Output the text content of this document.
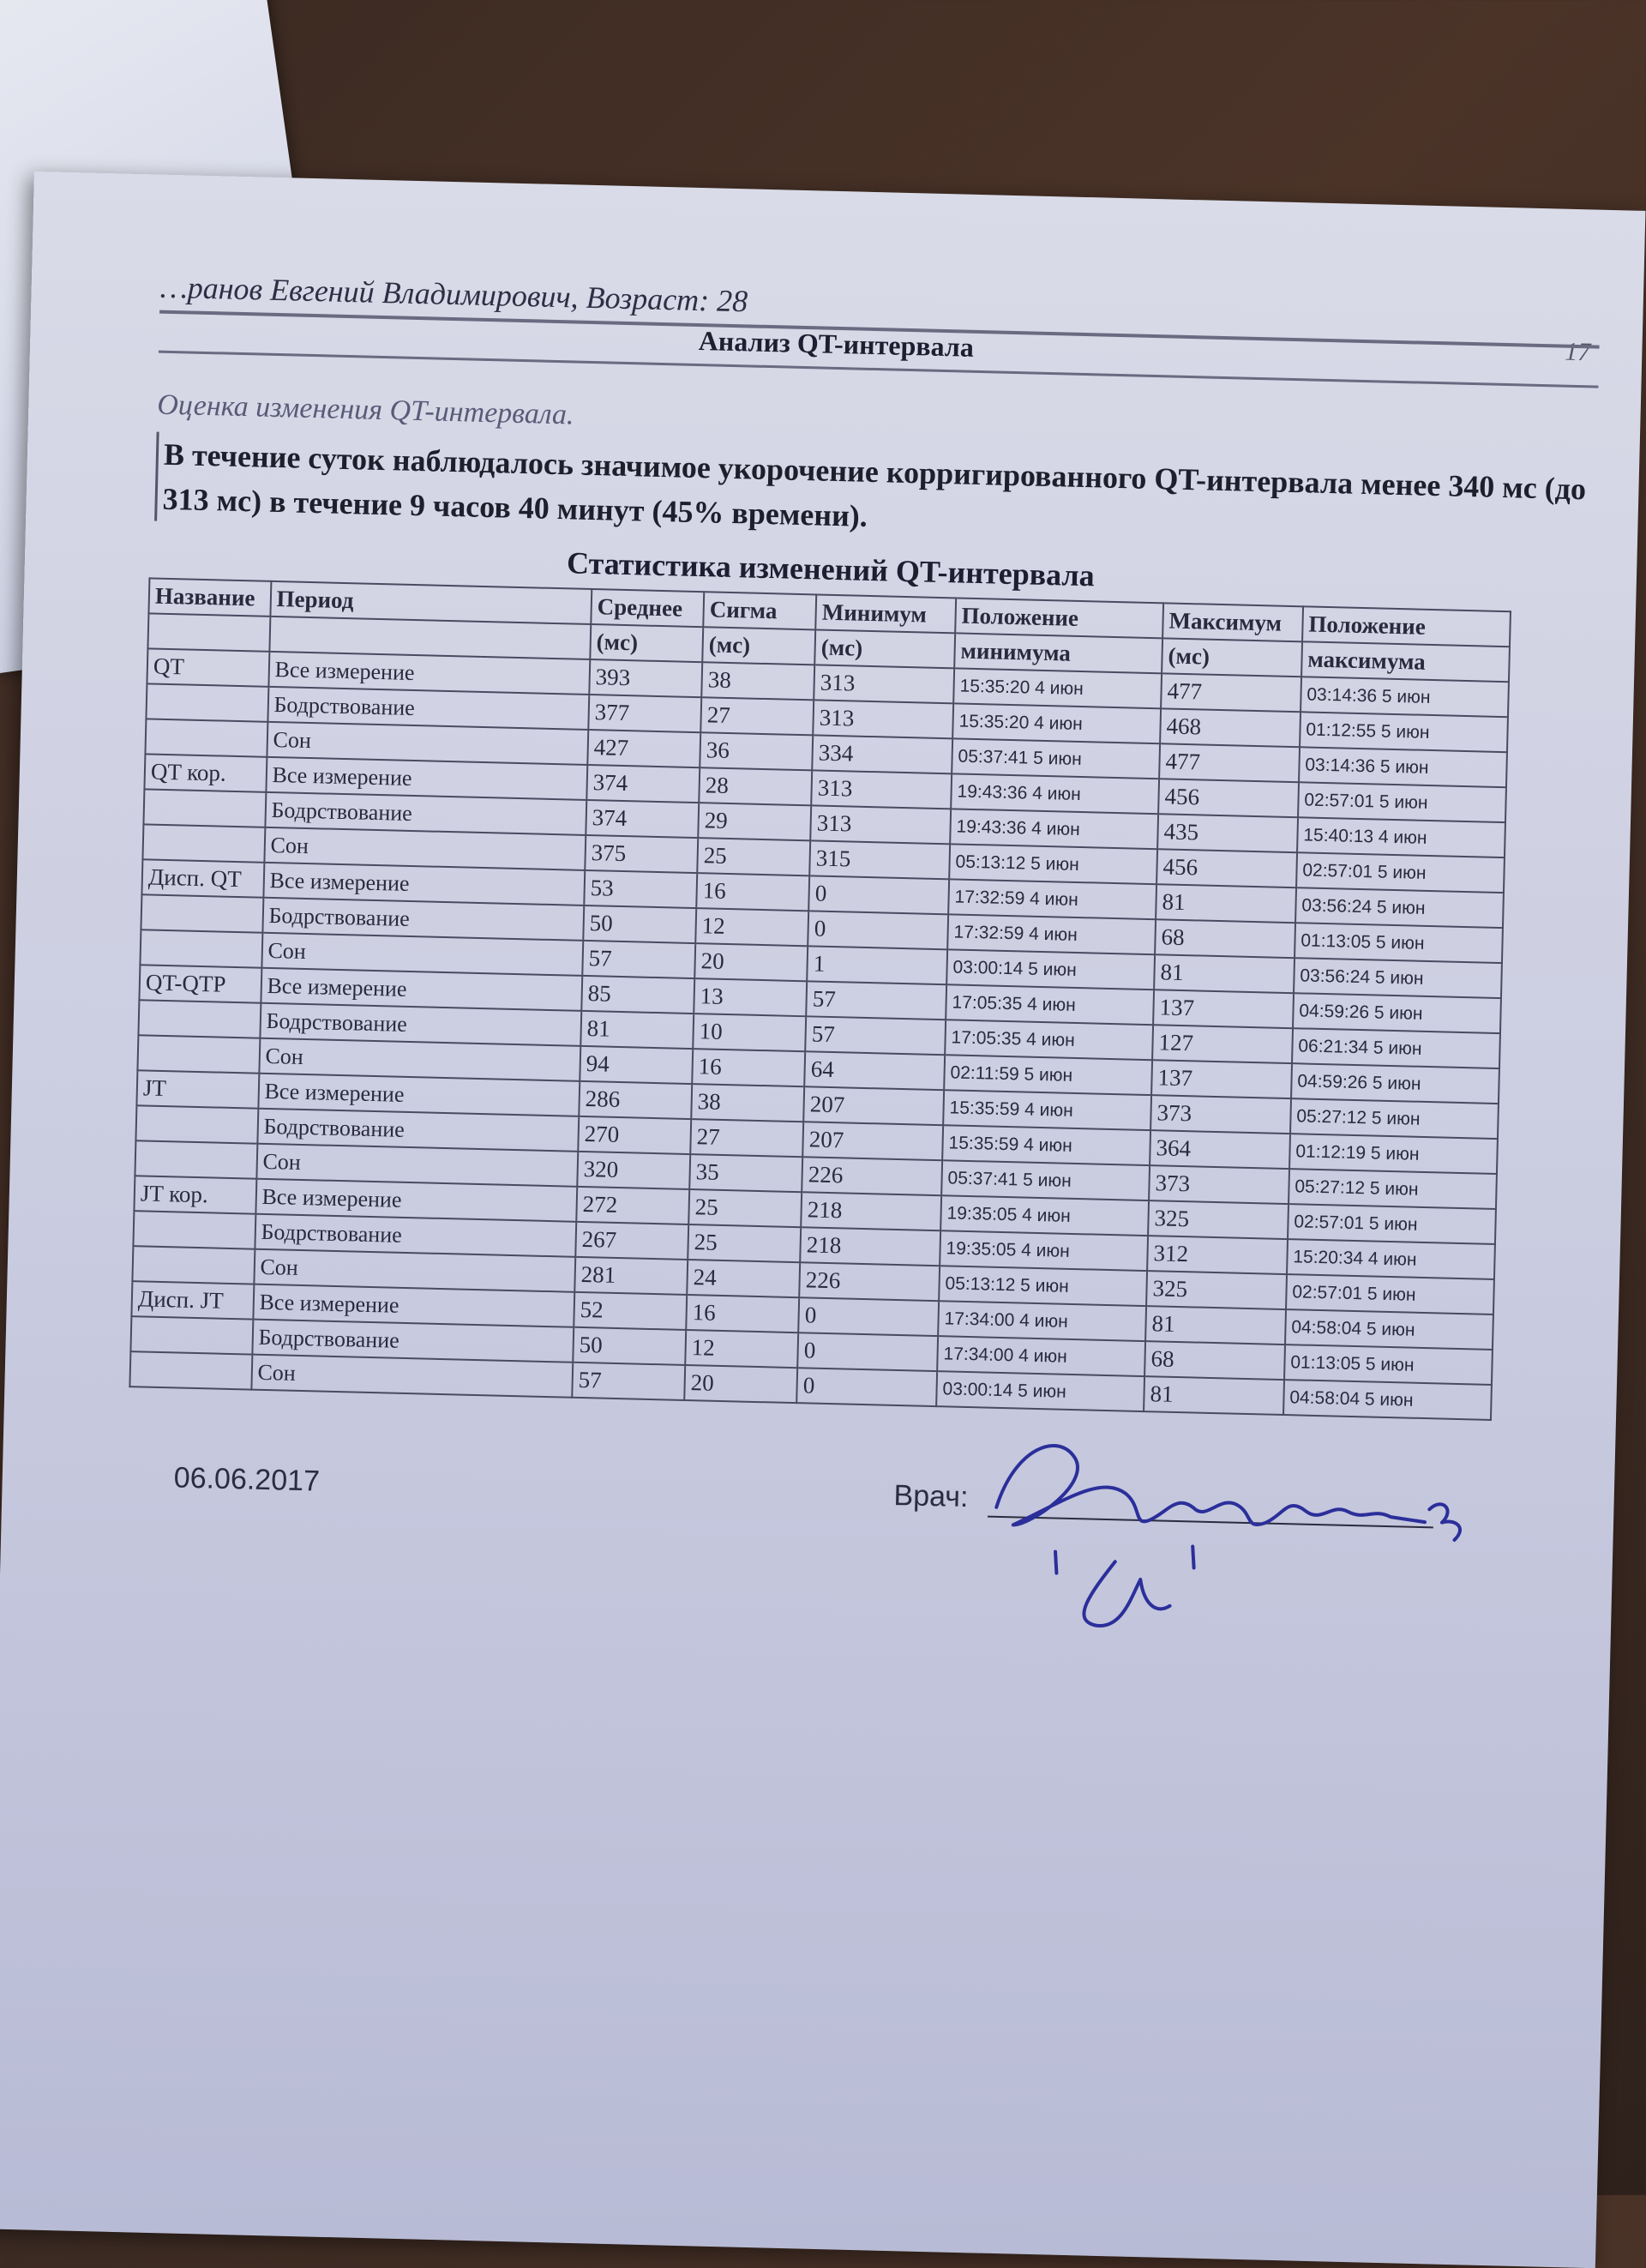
…ранов Евгений Владимирович, Возраст: 28
17
Анализ QT-интервала
Оценка изменения QT-интервала.
В течение суток наблюдалось значимое укорочение корригированного QT-интервала менее 340 мс (до 313 мс) в течение 9 часов 40 минут (45% времени).
Статистика изменений QT-интервала
Название	Период	Среднее	Сигма	Минимум	Положение	Максимум	Положение
		(мс)	(мс)	(мс)	минимума	(мс)	максимума
QT	Все измерение	393	38	313	15:35:20 4 июн	477	03:14:36 5 июн
	Бодрствование	377	27	313	15:35:20 4 июн	468	01:12:55 5 июн
	Сон	427	36	334	05:37:41 5 июн	477	03:14:36 5 июн
QT кор.	Все измерение	374	28	313	19:43:36 4 июн	456	02:57:01 5 июн
	Бодрствование	374	29	313	19:43:36 4 июн	435	15:40:13 4 июн
	Сон	375	25	315	05:13:12 5 июн	456	02:57:01 5 июн
Дисп. QT	Все измерение	53	16	0	17:32:59 4 июн	81	03:56:24 5 июн
	Бодрствование	50	12	0	17:32:59 4 июн	68	01:13:05 5 июн
	Сон	57	20	1	03:00:14 5 июн	81	03:56:24 5 июн
QT-QTP	Все измерение	85	13	57	17:05:35 4 июн	137	04:59:26 5 июн
	Бодрствование	81	10	57	17:05:35 4 июн	127	06:21:34 5 июн
	Сон	94	16	64	02:11:59 5 июн	137	04:59:26 5 июн
JT	Все измерение	286	38	207	15:35:59 4 июн	373	05:27:12 5 июн
	Бодрствование	270	27	207	15:35:59 4 июн	364	01:12:19 5 июн
	Сон	320	35	226	05:37:41 5 июн	373	05:27:12 5 июн
JT кор.	Все измерение	272	25	218	19:35:05 4 июн	325	02:57:01 5 июн
	Бодрствование	267	25	218	19:35:05 4 июн	312	15:20:34 4 июн
	Сон	281	24	226	05:13:12 5 июн	325	02:57:01 5 июн
Дисп. JT	Все измерение	52	16	0	17:34:00 4 июн	81	04:58:04 5 июн
	Бодрствование	50	12	0	17:34:00 4 июн	68	01:13:05 5 июн
	Сон	57	20	0	03:00:14 5 июн	81	04:58:04 5 июн
06.06.2017	Врач:
